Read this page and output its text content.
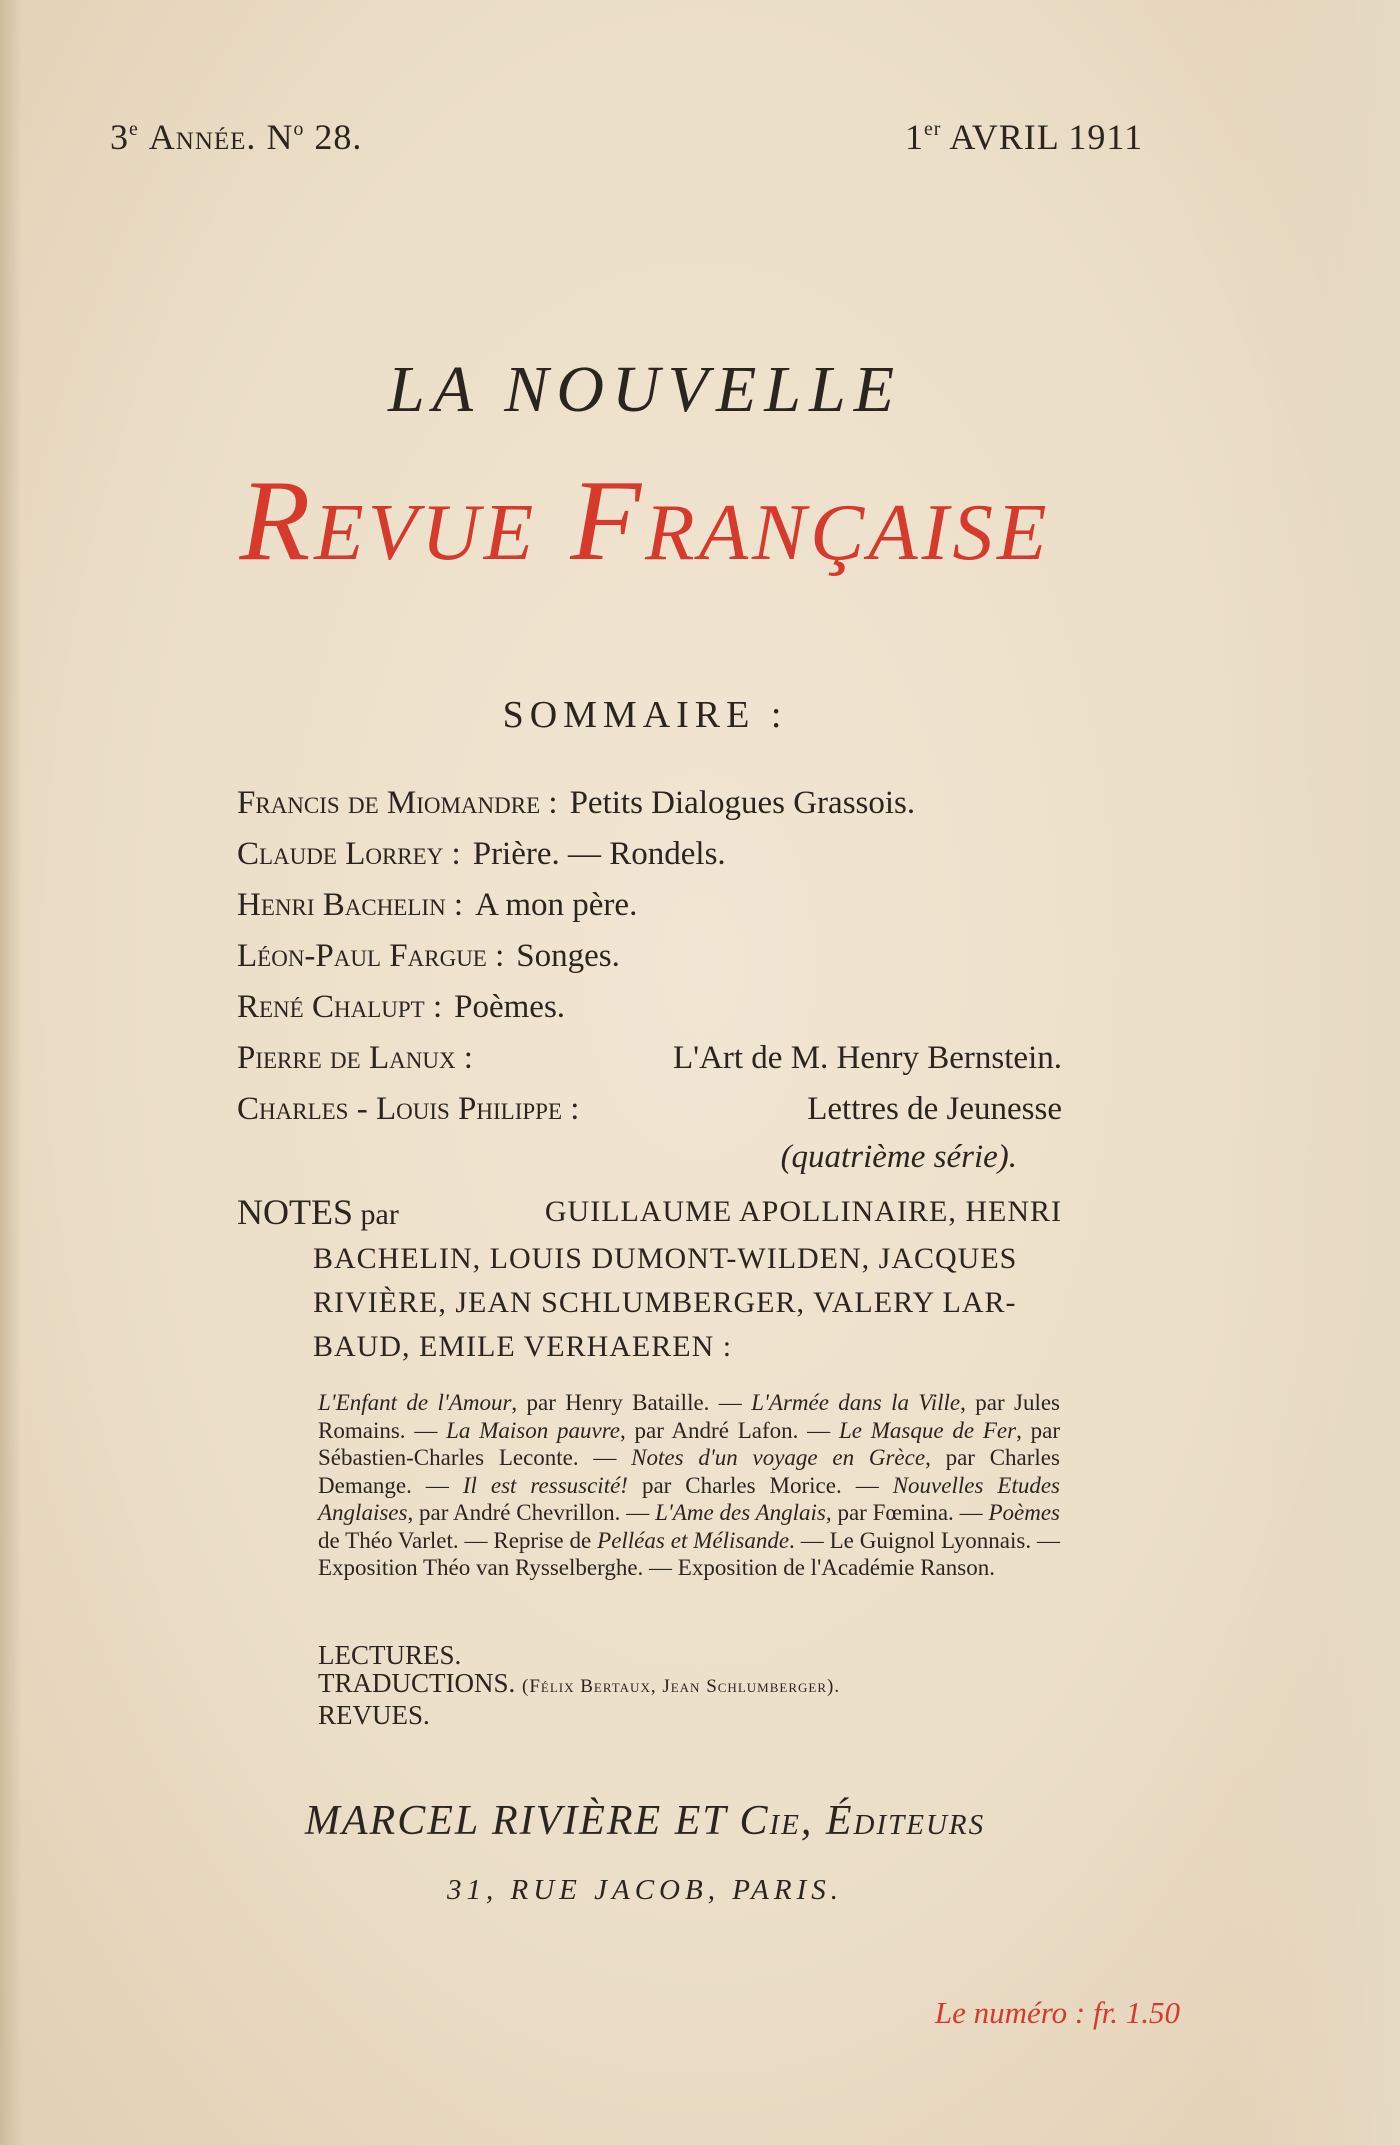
3e Année. $N^o$ 28.	1er AVRIL 1911
LA NOUVELLE
Revue Française
SOMMAIRE :
Francis de Miomandre : Petits Dialogues Grassois.
Claude Lorrey : Prière. — Rondels.
Henri Bachelin : A mon père.
Léon-Paul Fargue : Songes.
René Chalupt : Poèmes.
Pierre de Lanux :	L'Art de M. Henry Bernstein.
Charles - Louis Philippe :	Lettres de Jeunesse
(quatrième série).

NOTES par	GUILLAUME APOLLINAIRE, HENRI

BACHELIN, LOUIS DUMONT-WILDEN, JACQUES

RIVIÈRE, JEAN SCHLUMBERGER, VALERY LAR-

BAUD, EMILE VERHAEREN :

L'Enfant de l'Amour, par Henry Bataille. — L'Armée dans la Ville, par Jules Romains. — La Maison pauvre, par André Lafon. — Le Masque de Fer, par Sébastien-Charles Leconte. — Notes d'un voyage en Grèce, par Charles Demange. — Il est ressuscité! par Charles Morice. — Nouvelles Etudes Anglaises, par André Chevrillon. — L'Ame des Anglais, par Fœmina. — Poèmes de Théo Varlet. — Reprise de Pelléas et Mélisande. — Le Guignol Lyonnais. — Exposition Théo van Rysselberghe. — Exposition de l'Académie Ranson.
LECTURES.
TRADUCTIONS. (Félix Bertaux, Jean Schlumberger).
REVUES.
MARCEL RIVIÈRE ET Cie, Éditeurs
31, RUE JACOB, PARIS.
Le numéro : fr. 1.50
